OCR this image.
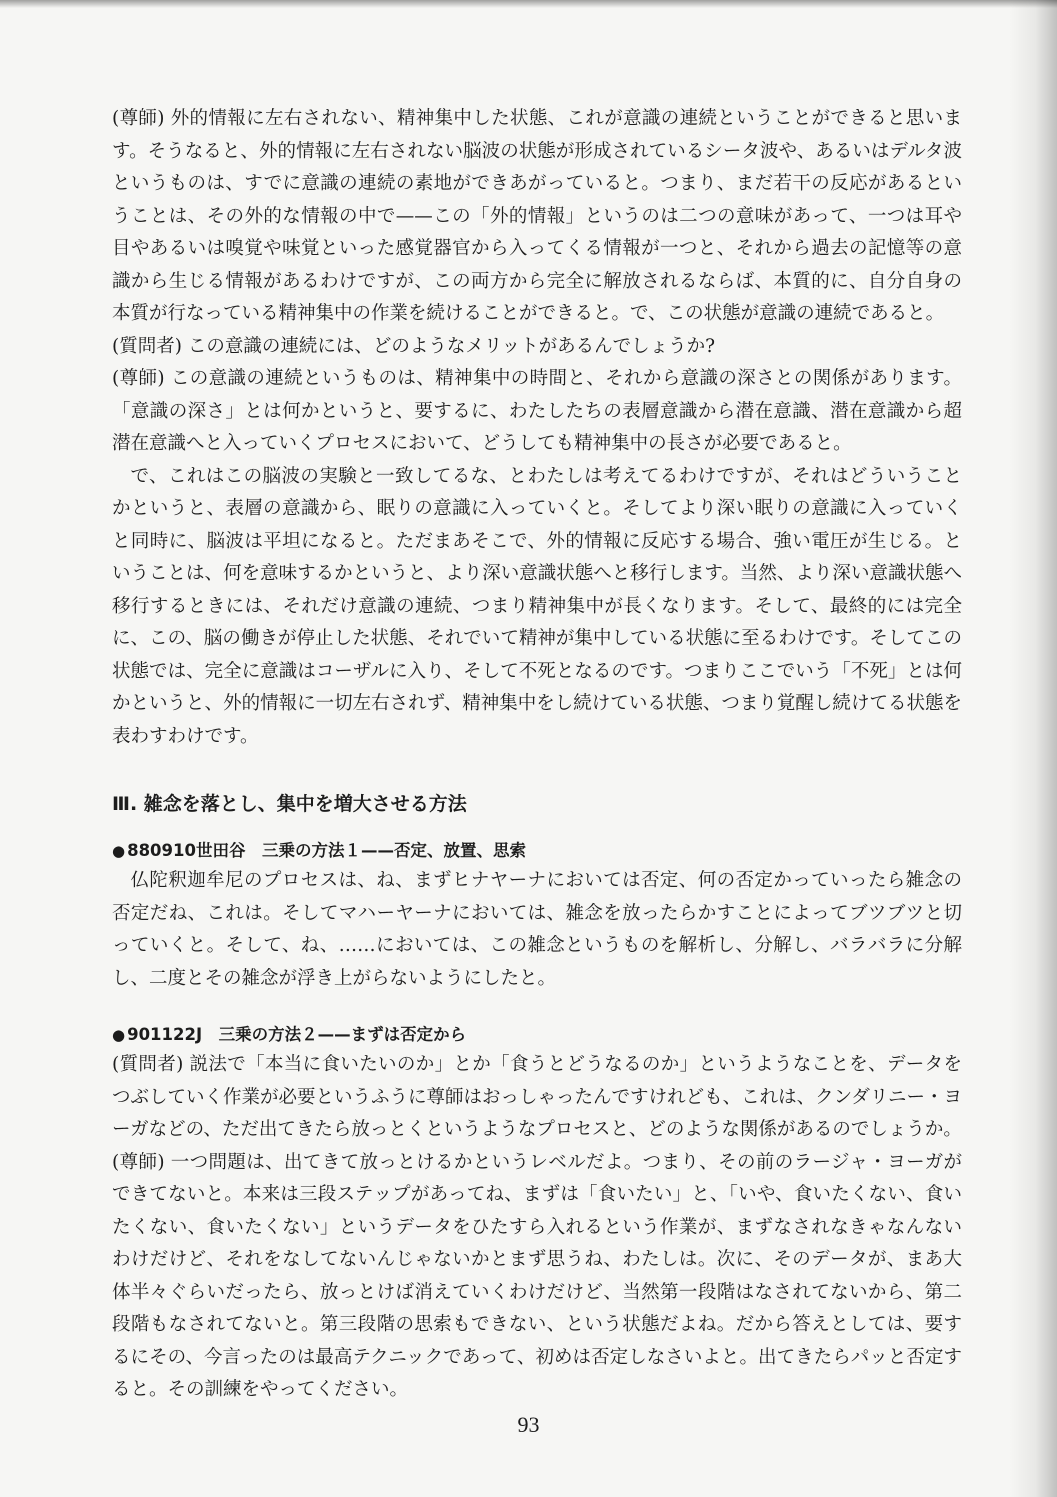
(尊師) 外的情報に左右されない、精神集中した状態、これが意識の連続ということができると思います。そうなると、外的情報に左右されない脳波の状態が形成されているシータ波や、あるいはデルタ波というものは、すでに意識の連続の素地ができあがっていると。つまり、まだ若干の反応があるということは、その外的な情報の中で——この「外的情報」というのは二つの意味があって、一つは耳や目やあるいは嗅覚や味覚といった感覚器官から入ってくる情報が一つと、それから過去の記憶等の意識から生じる情報があるわけですが、この両方から完全に解放されるならば、本質的に、自分自身の本質が行なっている精神集中の作業を続けることができると。で、この状態が意識の連続であると。

(質問者) この意識の連続には、どのようなメリットがあるんでしょうか?

(尊師) この意識の連続というものは、精神集中の時間と、それから意識の深さとの関係があります。「意識の深さ」とは何かというと、要するに、わたしたちの表層意識から潜在意識、潜在意識から超潜在意識へと入っていくプロセスにおいて、どうしても精神集中の長さが必要であると。

で、これはこの脳波の実験と一致してるな、とわたしは考えてるわけですが、それはどういうことかというと、表層の意識から、眠りの意識に入っていくと。そしてより深い眠りの意識に入っていくと同時に、脳波は平坦になると。ただまあそこで、外的情報に反応する場合、強い電圧が生じる。ということは、何を意味するかというと、より深い意識状態へと移行します。当然、より深い意識状態へ移行するときには、それだけ意識の連続、つまり精神集中が長くなります。そして、最終的には完全に、この、脳の働きが停止した状態、それでいて精神が集中している状態に至るわけです。そしてこの状態では、完全に意識はコーザルに入り、そして不死となるのです。つまりここでいう「不死」とは何かというと、外的情報に一切左右されず、精神集中をし続けている状態、つまり覚醒し続けてる状態を表わすわけです。

Ⅲ. 雑念を落とし、集中を増大させる方法
● 880910世田谷　三乗の方法１——否定、放置、思索

仏陀釈迦牟尼のプロセスは、ね、まずヒナヤーナにおいては否定、何の否定かっていったら雑念の否定だね、これは。そしてマハーヤーナにおいては、雑念を放ったらかすことによってブツブツと切っていくと。そして、ね、……においては、この雑念というものを解析し、分解し、バラバラに分解し、二度とその雑念が浮き上がらないようにしたと。

● 901122J　三乗の方法２——まずは否定から

(質問者) 説法で「本当に食いたいのか」とか「食うとどうなるのか」というようなことを、データをつぶしていく作業が必要というふうに尊師はおっしゃったんですけれども、これは、クンダリニー・ヨーガなどの、ただ出てきたら放っとくというようなプロセスと、どのような関係があるのでしょうか。

(尊師) 一つ問題は、出てきて放っとけるかというレベルだよ。つまり、その前のラージャ・ヨーガができてないと。本来は三段ステップがあってね、まずは「食いたい」と、「いや、食いたくない、食いたくない、食いたくない」というデータをひたすら入れるという作業が、まずなされなきゃなんないわけだけど、それをなしてないんじゃないかとまず思うね、わたしは。次に、そのデータが、まあ大体半々ぐらいだったら、放っとけば消えていくわけだけど、当然第一段階はなされてないから、第二段階もなされてないと。第三段階の思索もできない、という状態だよね。だから答えとしては、要するにその、今言ったのは最高テクニックであって、初めは否定しなさいよと。出てきたらパッと否定すると。その訓練をやってください。

93
